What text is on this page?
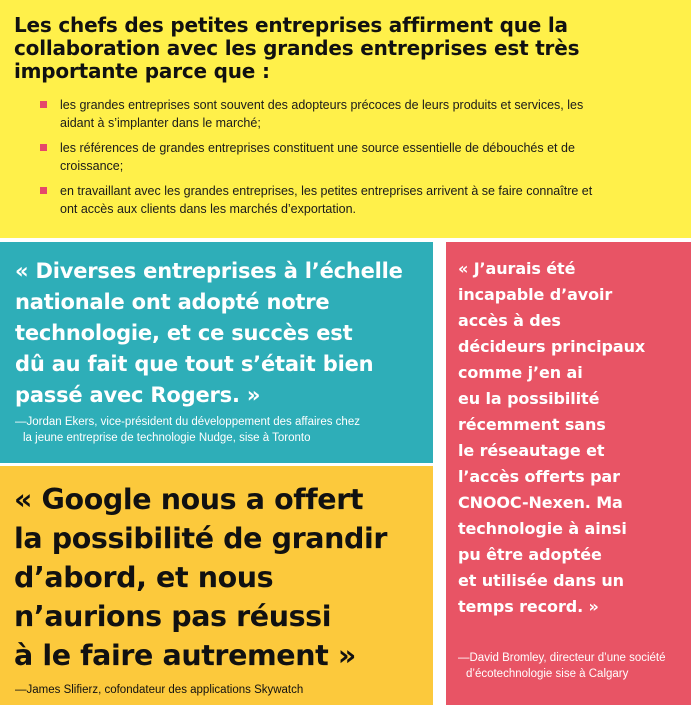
Les chefs des petites entreprises affirment que la
collaboration avec les grandes entreprises est très
importante parce que :
les grandes entreprises sont souvent des adopteurs précoces de leurs produits et services, les
aidant à s’implanter dans le marché;
les références de grandes entreprises constituent une source essentielle de débouchés et de
croissance;
en travaillant avec les grandes entreprises, les petites entreprises arrivent à se faire connaître et
ont accès aux clients dans les marchés d’exportation.

« Diverses entreprises à l’échelle
nationale ont adopté notre
technologie, et ce succès est
dû au fait que tout s’était bien
passé avec Rogers. »

—Jordan Ekers, vice-président du développement des affaires chez
la jeune entreprise de technologie Nudge, sise à Toronto

« Google nous a offert
la possibilité de grandir
d’abord, et nous
n’aurions pas réussi
à le faire autrement »

—James Slifierz, cofondateur des applications Skywatch

« J’aurais été
incapable d’avoir
accès à des
décideurs principaux
comme j’en ai
eu la possibilité
récemment sans
le réseautage et
l’accès offerts par
CNOOC-Nexen. Ma
technologie à ainsi
pu être adoptée
et utilisée dans un
temps record. »

—David Bromley, directeur d’une société
d’écotechnologie sise à Calgary
